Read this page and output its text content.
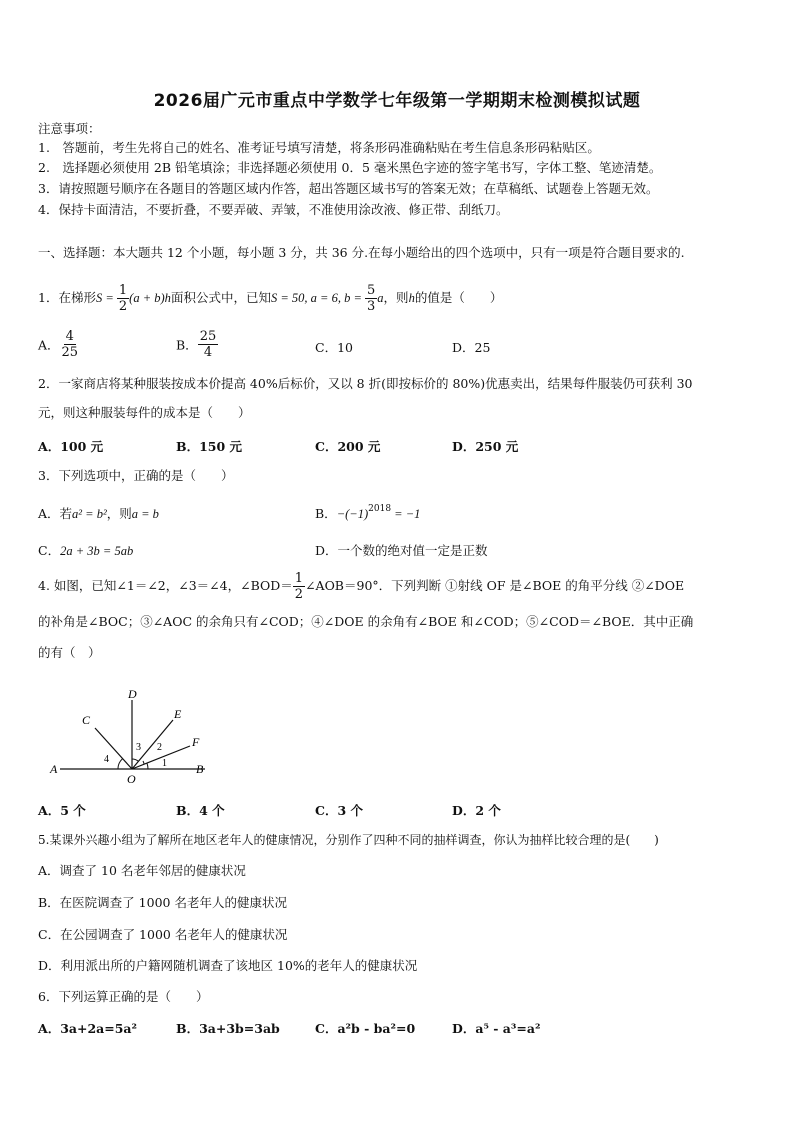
2026届广元市重点中学数学七年级第一学期期末检测模拟试题
注意事项：
1.　答题前，考生先将自己的姓名、准考证号填写清楚，将条形码准确粘贴在考生信息条形码粘贴区。
2.　选择题必须使用 2B 铅笔填涂；非选择题必须使用 0．5 毫米黑色字迹的签字笔书写，字体工整、笔迹清楚。
3．请按照题号顺序在各题目的答题区域内作答，超出答题区域书写的答案无效；在草稿纸、试题卷上答题无效。
4．保持卡面清洁，不要折叠，不要弄破、弄皱，不准使用涂改液、修正带、刮纸刀。
一、选择题：本大题共 12 个小题，每小题 3 分，共 36 分.在每小题给出的四个选项中，只有一项是符合题目要求的.
1．在梯形$S = \frac{1}{2} (a + b)h$面积公式中，已知S = 50, a = 6, $b = \frac{5}{3}$ a，则h的值是（　　）
A． $\frac{4}{25}$	B． $\frac{25}{4}$	C．10	D．25
2．一家商店将某种服装按成本价提高 40%后标价，又以 8 折(即按标价的 80%)优惠卖出，结果每件服装仍可获利 30
元，则这种服装每件的成本是（　　）
A．100 元	B．150 元	C．200 元	D．250 元
3．下列选项中，正确的是（　　）
A．若a² = b²，则a = b	B．$-(-1)^{2018} = -1$
C．2a + 3b = 5ab	D．一个数的绝对值一定是正数
4. 如图，已知∠1＝∠2，∠3＝∠4，∠BOD＝ $\frac{1}{2}$ ∠AOB＝90°．下列判断 ①射线 OF 是∠BOE 的角平分线 ②∠DOE
的补角是∠BOC；③∠AOC 的余角只有∠COD；④∠DOE 的余角有∠BOE 和∠COD；⑤∠COD＝∠BOE．其中正确
的有（　）
A	B
C
D
E
F
O
1
2
3
4
A．5 个	B．4 个	C．3 个	D．2 个
5.某课外兴趣小组为了解所在地区老年人的健康情况，分别作了四种不同的抽样调查，你认为抽样比较合理的是(　　)
A．调查了 10 名老年邻居的健康状况
B．在医院调查了 1000 名老年人的健康状况
C．在公园调查了 1000 名老年人的健康状况
D．利用派出所的户籍网随机调查了该地区 10%的老年人的健康状况
6．下列运算正确的是（　　）
A．3a+2a=5a²	B．3a+3b=3ab	C．a²b - ba²=0	D．a⁵ - a³=a²
